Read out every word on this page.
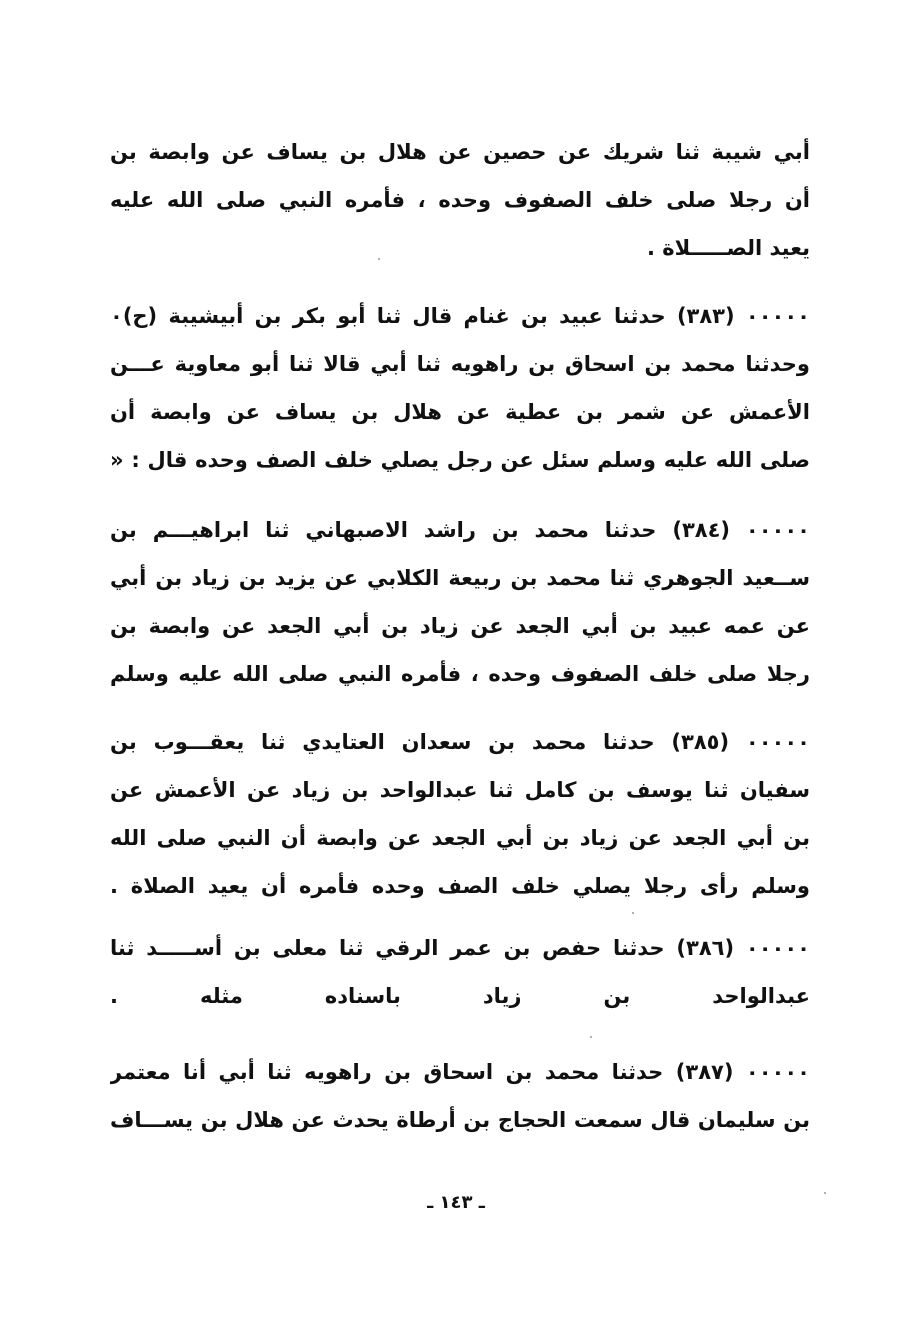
أبي شيبة ثنا شريك عن حصين عن هلال بن يساف عن وابصة بن
أن رجلا صلى خلف الصفوف وحده ، فأمره النبي صلى الله عليه
يعيد الصـــــلاة .
٠٠٠٠٠ (٣٨٣) حدثنا عبيد بن غنام قال ثنا أبو بكر بن أبيشيبة (ح)٠
وحدثنا محمد بن اسحاق بن راهويه ثنا أبي قالا ثنا أبو معاوية عـــن
الأعمش عن شمر بن عطية عن هلال بن يساف عن وابصة أن
صلى الله عليه وسلم سئل عن رجل يصلي خلف الصف وحده قال : «
٠٠٠٠٠ (٣٨٤) حدثنا محمد بن راشد الاصبهاني ثنا ابراهيـــم بن
ســعيد الجوهري ثنا محمد بن ربيعة الكلابي عن يزيد بن زياد بن أبي
عن عمه عبيد بن أبي الجعد عن زياد بن أبي الجعد عن وابصة بن
رجلا صلى خلف الصفوف وحده ، فأمره النبي صلى الله عليه وسلم
٠٠٠٠٠ (٣٨٥) حدثنا محمد بن سعدان العتايدي ثنا يعقـــوب بن
سفيان ثنا يوسف بن كامل ثنا عبدالواحد بن زياد عن الأعمش عن
بن أبي الجعد عن زياد بن أبي الجعد عن وابصة أن النبي صلى الله
وسلم رأى رجلا يصلي خلف الصف وحده فأمره أن يعيد الصلاة .
٠٠٠٠٠ (٣٨٦) حدثنا حفص بن عمر الرقي ثنا معلى بن أســـــد ثنا
عبدالواحد بن زياد باسناده مثله .
٠٠٠٠٠ (٣٨٧) حدثنا محمد بن اسحاق بن راهويه ثنا أبي أنا معتمر
بن سليمان قال سمعت الحجاج بن أرطاة يحدث عن هلال بن يســـاف
ـ ١٤٣ ـ
